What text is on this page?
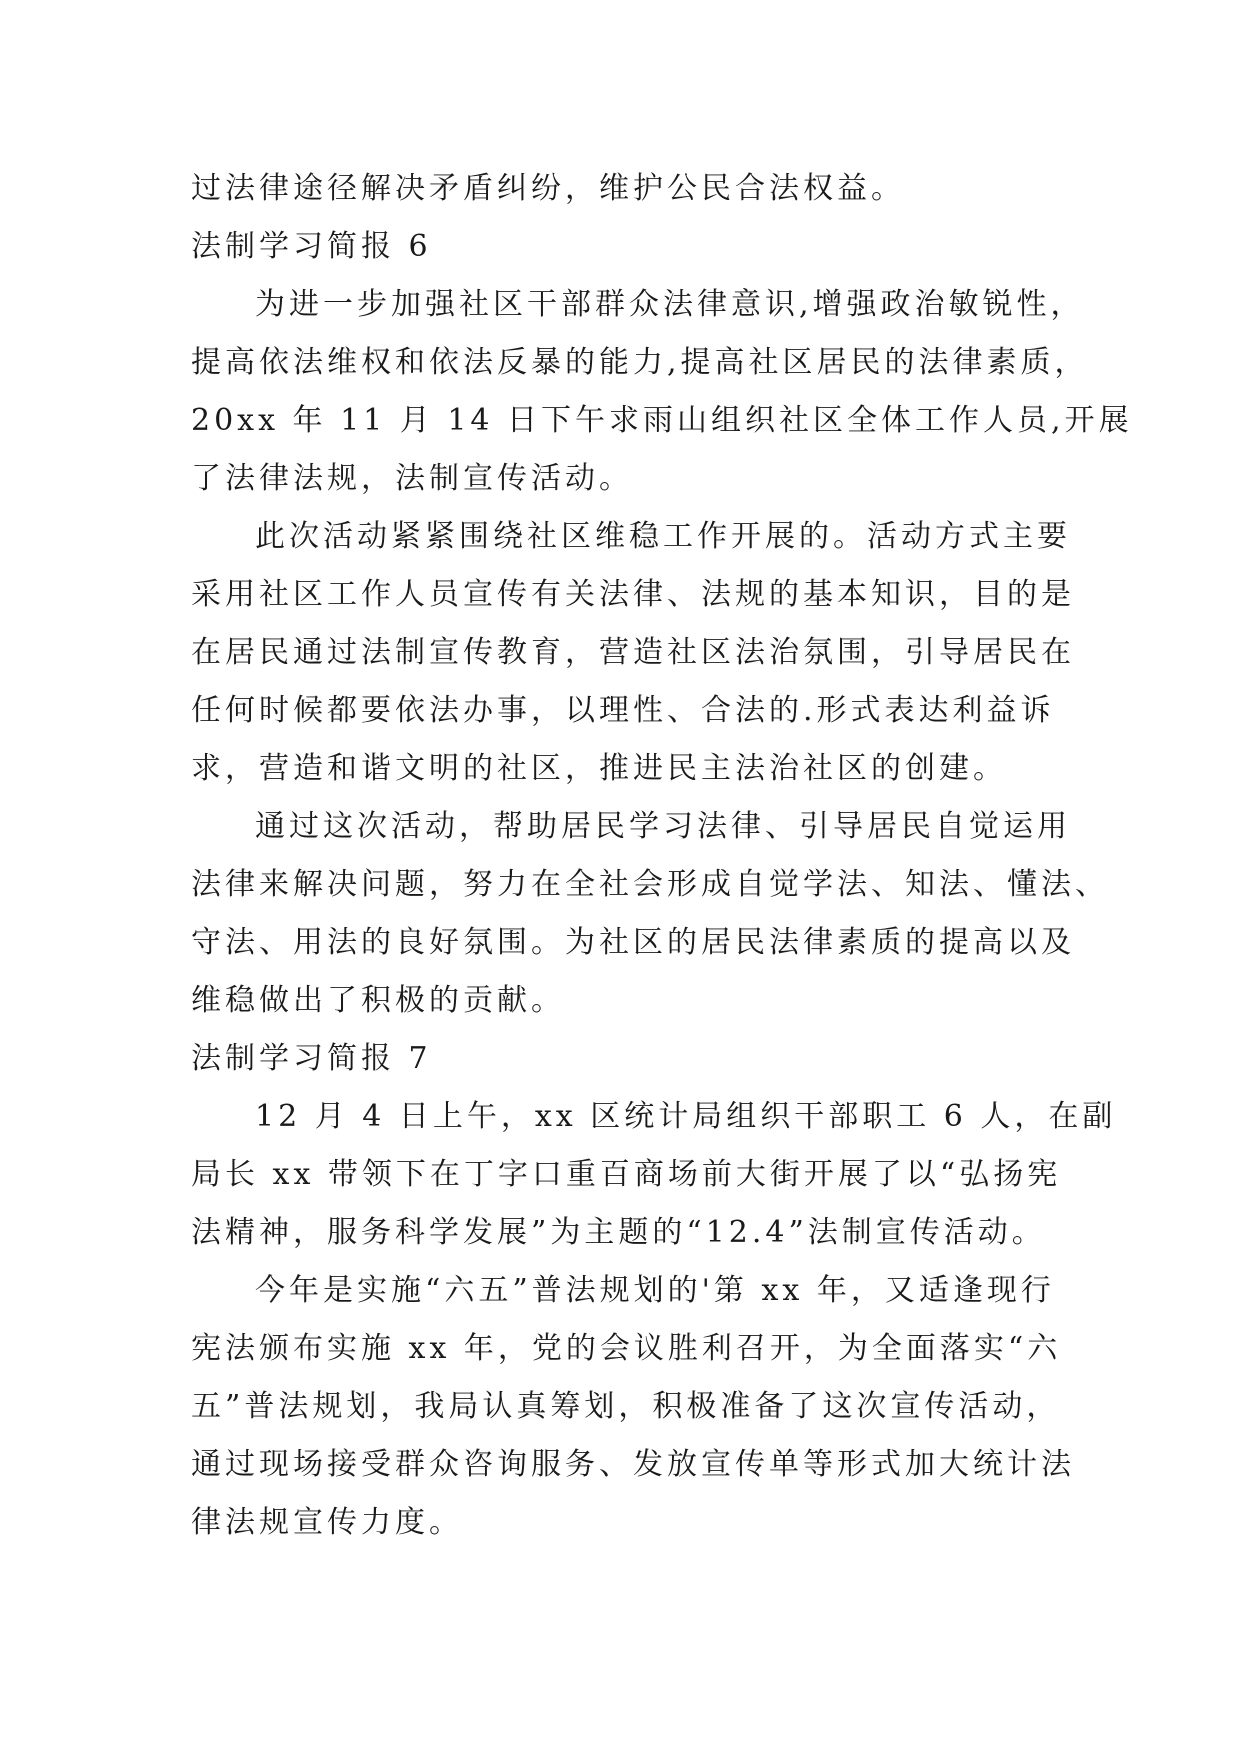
过法律途径解决矛盾纠纷，维护公民合法权益。
法制学习简报 6
为进一步加强社区干部群众法律意识,增强政治敏锐性，
提高依法维权和依法反暴的能力,提高社区居民的法律素质，
20xx 年 11 月 14 日下午求雨山组织社区全体工作人员,开展
了法律法规，法制宣传活动。
此次活动紧紧围绕社区维稳工作开展的。活动方式主要
采用社区工作人员宣传有关法律、法规的基本知识，目的是
在居民通过法制宣传教育，营造社区法治氛围，引导居民在
任何时候都要依法办事，以理性、合法的.形式表达利益诉
求，营造和谐文明的社区，推进民主法治社区的创建。
通过这次活动，帮助居民学习法律、引导居民自觉运用
法律来解决问题，努力在全社会形成自觉学法、知法、懂法、
守法、用法的良好氛围。为社区的居民法律素质的提高以及
维稳做出了积极的贡献。
法制学习简报 7
12 月 4 日上午，xx 区统计局组织干部职工 6 人，在副
局长 xx 带领下在丁字口重百商场前大街开展了以“弘扬宪
法精神，服务科学发展”为主题的“12.4”法制宣传活动。
今年是实施“六五”普法规划的'第 xx 年，又适逢现行
宪法颁布实施 xx 年，党的会议胜利召开，为全面落实“六
五”普法规划，我局认真筹划，积极准备了这次宣传活动，
通过现场接受群众咨询服务、发放宣传单等形式加大统计法
律法规宣传力度。
